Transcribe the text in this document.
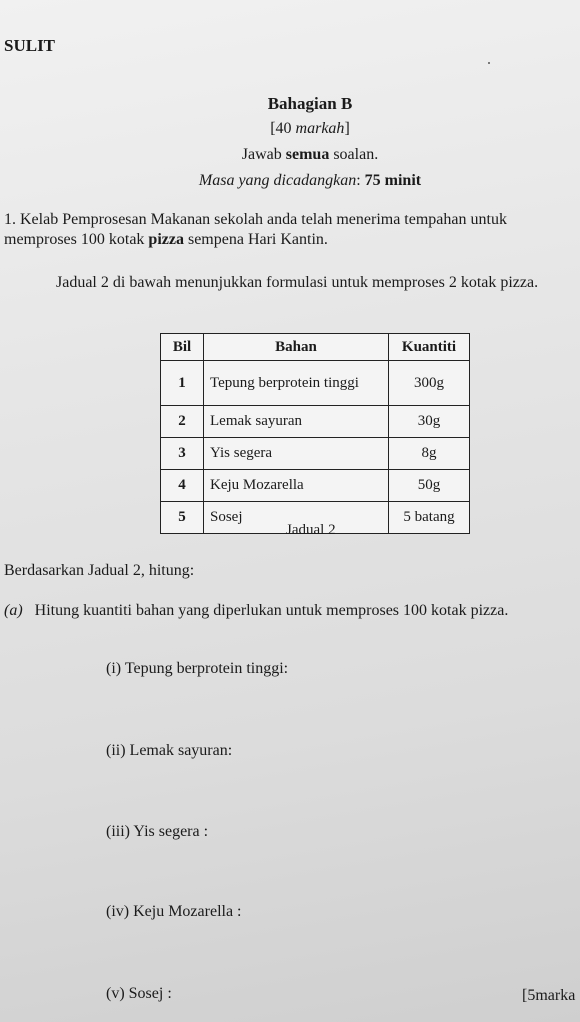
SULIT
Bahagian B
[40 markah]
Jawab semua soalan.
Masa yang dicadangkan: 75 minit
1. Kelab Pemprosesan Makanan sekolah anda telah menerima tempahan untuk
memproses 100 kotak pizza sempena Hari Kantin.
Jadual 2 di bawah menunjukkan formulasi untuk memproses 2 kotak pizza.
Bil	Bahan	Kuantiti
1	Tepung berprotein tinggi	300g
2	Lemak sayuran	30g
3	Yis segera	8g
4	Keju Mozarella	50g
5	Sosej	5 batang
Jadual 2
Berdasarkan Jadual 2, hitung:
(a) Hitung kuantiti bahan yang diperlukan untuk memproses 100 kotak pizza.
(i) Tepung berprotein tinggi:
(ii) Lemak sayuran:
(iii) Yis segera :
(iv) Keju Mozarella :
(v) Sosej :	[5marka
